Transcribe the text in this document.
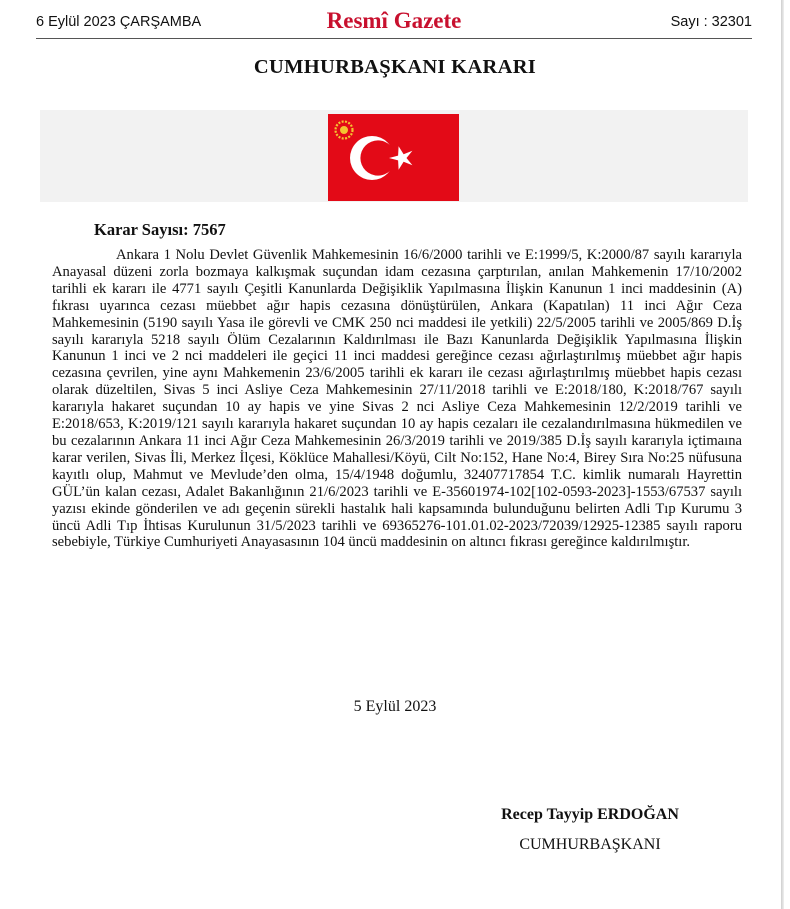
6 Eylül 2023 ÇARŞAMBA	Resmî Gazete	Sayı : 32301
CUMHURBAŞKANI KARARI
Karar Sayısı: 7567

Ankara 1 Nolu Devlet Güvenlik Mahkemesinin 16/6/2000 tarihli ve E:1999/5, K:2000/87 sayılı kararıyla Anayasal düzeni zorla bozmaya kalkışmak suçundan idam cezasına çarptırılan, anılan Mahkemenin 17/10/2002 tarihli ek kararı ile 4771 sayılı Çeşitli Kanunlarda Değişiklik Yapılmasına İlişkin Kanunun 1 inci maddesinin (A) fıkrası uyarınca cezası müebbet ağır hapis cezasına dönüştürülen, Ankara (Kapatılan) 11 inci Ağır Ceza Mahkemesinin (5190 sayılı Yasa ile görevli ve CMK 250 nci maddesi ile yetkili) 22/5/2005 tarihli ve 2005/869 D.İş sayılı kararıyla 5218 sayılı Ölüm Cezalarının Kaldırılması ile Bazı Kanunlarda Değişiklik Yapılmasına İlişkin Kanunun 1 inci ve 2 nci maddeleri ile geçici 11 inci maddesi gereğince cezası ağırlaştırılmış müebbet ağır hapis cezasına çevrilen, yine aynı Mahkemenin 23/6/2005 tarihli ek kararı ile cezası ağırlaştırılmış müebbet hapis cezası olarak düzeltilen, Sivas 5 inci Asliye Ceza Mahkemesinin 27/11/2018 tarihli ve E:2018/180, K:2018/767 sayılı kararıyla hakaret suçundan 10 ay hapis ve yine Sivas 2 nci Asliye Ceza Mahkemesinin 12/2/2019 tarihli ve E:2018/653, K:2019/121 sayılı kararıyla hakaret suçundan 10 ay hapis cezaları ile cezalandırılmasına hükmedilen ve bu cezalarının Ankara 11 inci Ağır Ceza Mahkemesinin 26/3/2019 tarihli ve 2019/385 D.İş sayılı kararıyla içtimaına karar verilen, Sivas İli, Merkez İlçesi, Köklüce Mahallesi/Köyü, Cilt No:152, Hane No:4, Birey Sıra No:25 nüfusuna kayıtlı olup, Mahmut ve Mevlude’den olma, 15/4/1948 doğumlu, 32407717854 T.C. kimlik numaralı Hayrettin GÜL’ün kalan cezası, Adalet Bakanlığının 21/6/2023 tarihli ve E-35601974-102[102-0593-2023]-1553/67537 sayılı yazısı ekinde gönderilen ve adı geçenin sürekli hastalık hali kapsamında bulunduğunu belirten Adli Tıp Kurumu 3 üncü Adli Tıp İhtisas Kurulunun 31/5/2023 tarihli ve 69365276-101.01.02-2023/72039/12925-12385 sayılı raporu sebebiyle, Türkiye Cumhuriyeti Anayasasının 104 üncü maddesinin on altıncı fıkrası gereğince kaldırılmıştır.

5 Eylül 2023
Recep Tayyip ERDOĞAN
CUMHURBAŞKANI
